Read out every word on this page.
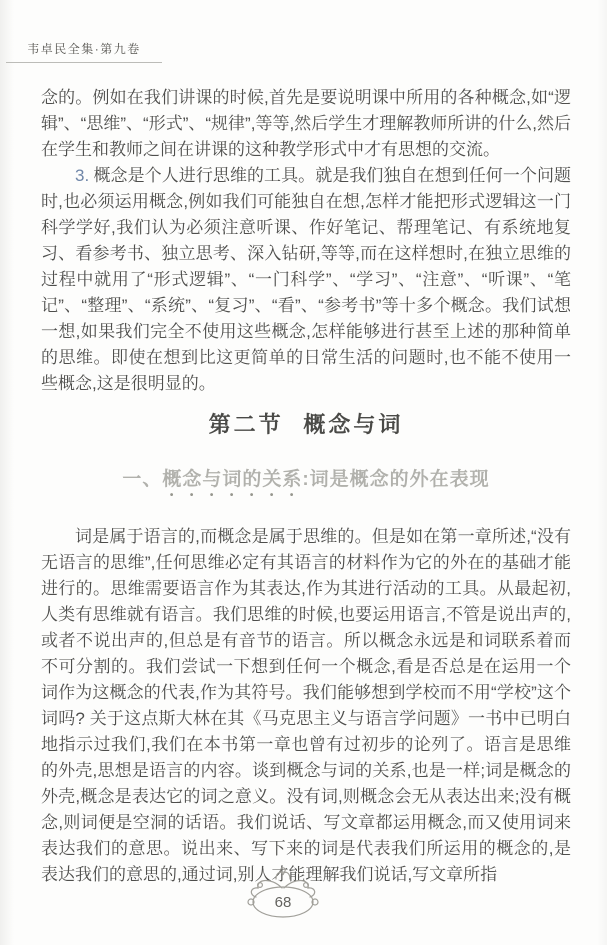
韦卓民全集·第九卷

念的。例如在我们讲课的时候,首先是要说明课中所用的各种概念,如“逻辑”、“思维”、“形式”、“规律”,等等,然后学生才理解教师所讲的什么,然后在学生和教师之间在讲课的这种教学形式中才有思想的交流。

3. 概念是个人进行思维的工具。就是我们独自在想到任何一个问题时,也必须运用概念,例如我们可能独自在想,怎样才能把形式逻辑这一门科学学好,我们认为必须注意听课、作好笔记、帮理笔记、有系统地复习、看参考书、独立思考、深入钻研,等等,而在这样想时,在独立思维的过程中就用了“形式逻辑”、“一门科学”、“学习”、“注意”、“听课”、“笔记”、“整理”、“系统”、“复习”、“看”、“参考书”等十多个概念。我们试想一想,如果我们完全不使用这些概念,怎样能够进行甚至上述的那种简单的思维。即使在想到比这更简单的日常生活的问题时,也不能不使用一些概念,这是很明显的。

第二节 概念与词
一、概念与词的关系:词是概念的外在表现

词是属于语言的,而概念是属于思维的。但是如在第一章所述,“没有无语言的思维”,任何思维必定有其语言的材料作为它的外在的基础才能进行的。思维需要语言作为其表达,作为其进行活动的工具。从最起初,人类有思维就有语言。我们思维的时候,也要运用语言,不管是说出声的,或者不说出声的,但总是有音节的语言。所以概念永远是和词联系着而不可分割的。我们尝试一下想到任何一个概念,看是否总是在运用一个词作为这概念的代表,作为其符号。我们能够想到学校而不用“学校”这个词吗? 关于这点斯大林在其《马克思主义与语言学问题》一书中已明白地指示过我们,我们在本书第一章也曾有过初步的论列了。语言是思维的外壳,思想是语言的内容。谈到概念与词的关系,也是一样;词是概念的外壳,概念是表达它的词之意义。没有词,则概念会无从表达出来;没有概念,则词便是空洞的话语。我们说话、写文章都运用概念,而又使用词来表达我们的意思。说出来、写下来的词是代表我们所运用的概念的,是表达我们的意思的,通过词,别人才能理解我们说话,写文章所指

68
